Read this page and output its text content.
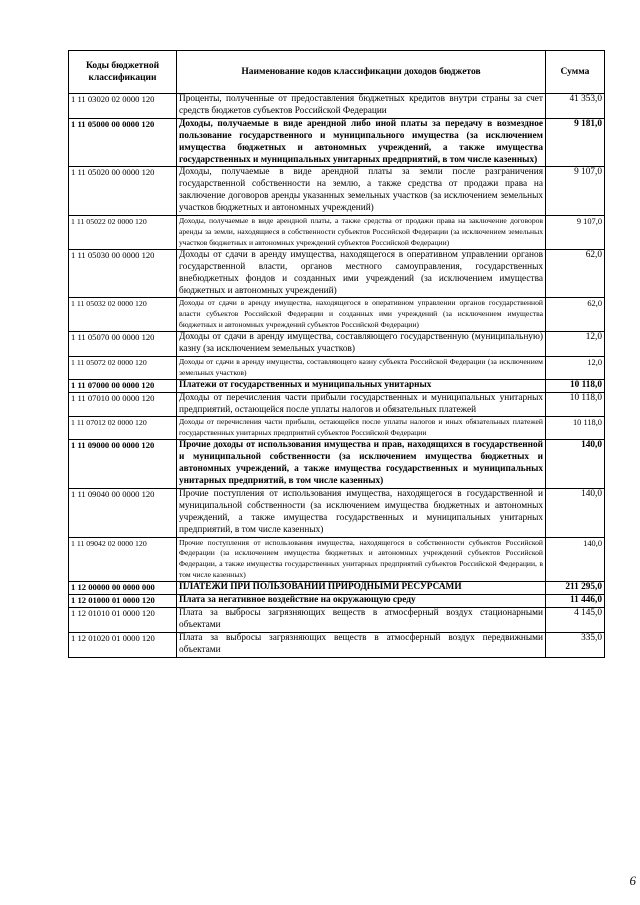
Коды бюджетной классификации	Наименование кодов классификации доходов бюджетов	Сумма
1 11 03020 02 0000 120	Проценты, полученные от предоставления бюджетных кредитов внутри страны за счет средств бюджетов субъектов Российской Федерации	41 353,0
1 11 05000 00 0000 120	Доходы, получаемые в виде арендной либо иной платы за передачу в возмездное пользование государственного и муниципального имущества (за исключением имущества бюджетных и автономных учреждений, а также имущества государственных и муниципальных унитарных предприятий, в том числе казенных)	9 181,0
1 11 05020 00 0000 120	Доходы, получаемые в виде арендной платы за земли после разграничения государственной собственности на землю, а также средства от продажи права на заключение договоров аренды указанных земельных участков (за исключением земельных участков бюджетных и автономных учреждений)	9 107,0
1 11 05022 02 0000 120	Доходы, получаемые в виде арендной платы, а также средства от продажи права на заключение договоров аренды за земли, находящиеся в собственности субъектов Российской Федерации (за исключением земельных участков бюджетных и автономных учреждений субъектов Российской Федерации)	9 107,0
1 11 05030 00 0000 120	Доходы от сдачи в аренду имущества, находящегося в оперативном управлении органов государственной власти, органов местного самоуправления, государственных внебюджетных фондов и созданных ими учреждений (за исключением имущества бюджетных и автономных учреждений)	62,0
1 11 05032 02 0000 120	Доходы от сдачи в аренду имущества, находящегося в оперативном управлении органов государственной власти субъектов Российской Федерации и созданных ими учреждений (за исключением имущества бюджетных и автономных учреждений субъектов Российской Федерации)	62,0
1 11 05070 00 0000 120	Доходы от сдачи в аренду имущества, составляющего государственную (муниципальную) казну (за исключением земельных участков)	12,0
1 11 05072 02 0000 120	Доходы от сдачи в аренду имущества, составляющего казну субъекта Российской Федерации (за исключением земельных участков)	12,0
1 11 07000 00 0000 120	Платежи от государственных и муниципальных унитарных	10 118,0
1 11 07010 00 0000 120	Доходы от перечисления части прибыли государственных и муниципальных унитарных предприятий, остающейся после уплаты налогов и обязательных платежей	10 118,0
1 11 07012 02 0000 120	Доходы от перечисления части прибыли, остающейся после уплаты налогов и иных обязательных платежей государственных унитарных предприятий субъектов Российской Федерации	10 118,0
1 11 09000 00 0000 120	Прочие доходы от использования имущества и прав, находящихся в государственной и муниципальной собственности (за исключением имущества бюджетных и автономных учреждений, а также имущества государственных и муниципальных унитарных предприятий, в том числе казенных)	140,0
1 11 09040 00 0000 120	Прочие поступления от использования имущества, находящегося в государственной и муниципальной собственности (за исключением имущества бюджетных и автономных учреждений, а также имущества государственных и муниципальных унитарных предприятий, в том числе казенных)	140,0
1 11 09042 02 0000 120	Прочие поступления от использования имущества, находящегося в собственности субъектов Российской Федерации (за исключением имущества бюджетных и автономных учреждений субъектов Российской Федерации, а также имущества государственных унитарных предприятий субъектов Российской Федерации, в том числе казенных)	140,0
1 12 00000 00 0000 000	ПЛАТЕЖИ ПРИ ПОЛЬЗОВАНИИ ПРИРОДНЫМИ РЕСУРСАМИ	211 295,0
1 12 01000 01 0000 120	Плата за негативное воздействие на окружающую среду	11 446,0
1 12 01010 01 0000 120	Плата за выбросы загрязняющих веществ в атмосферный воздух стационарными объектами	4 145,0
1 12 01020 01 0000 120	Плата за выбросы загрязняющих веществ в атмосферный воздух передвижными объектами	335,0
6
